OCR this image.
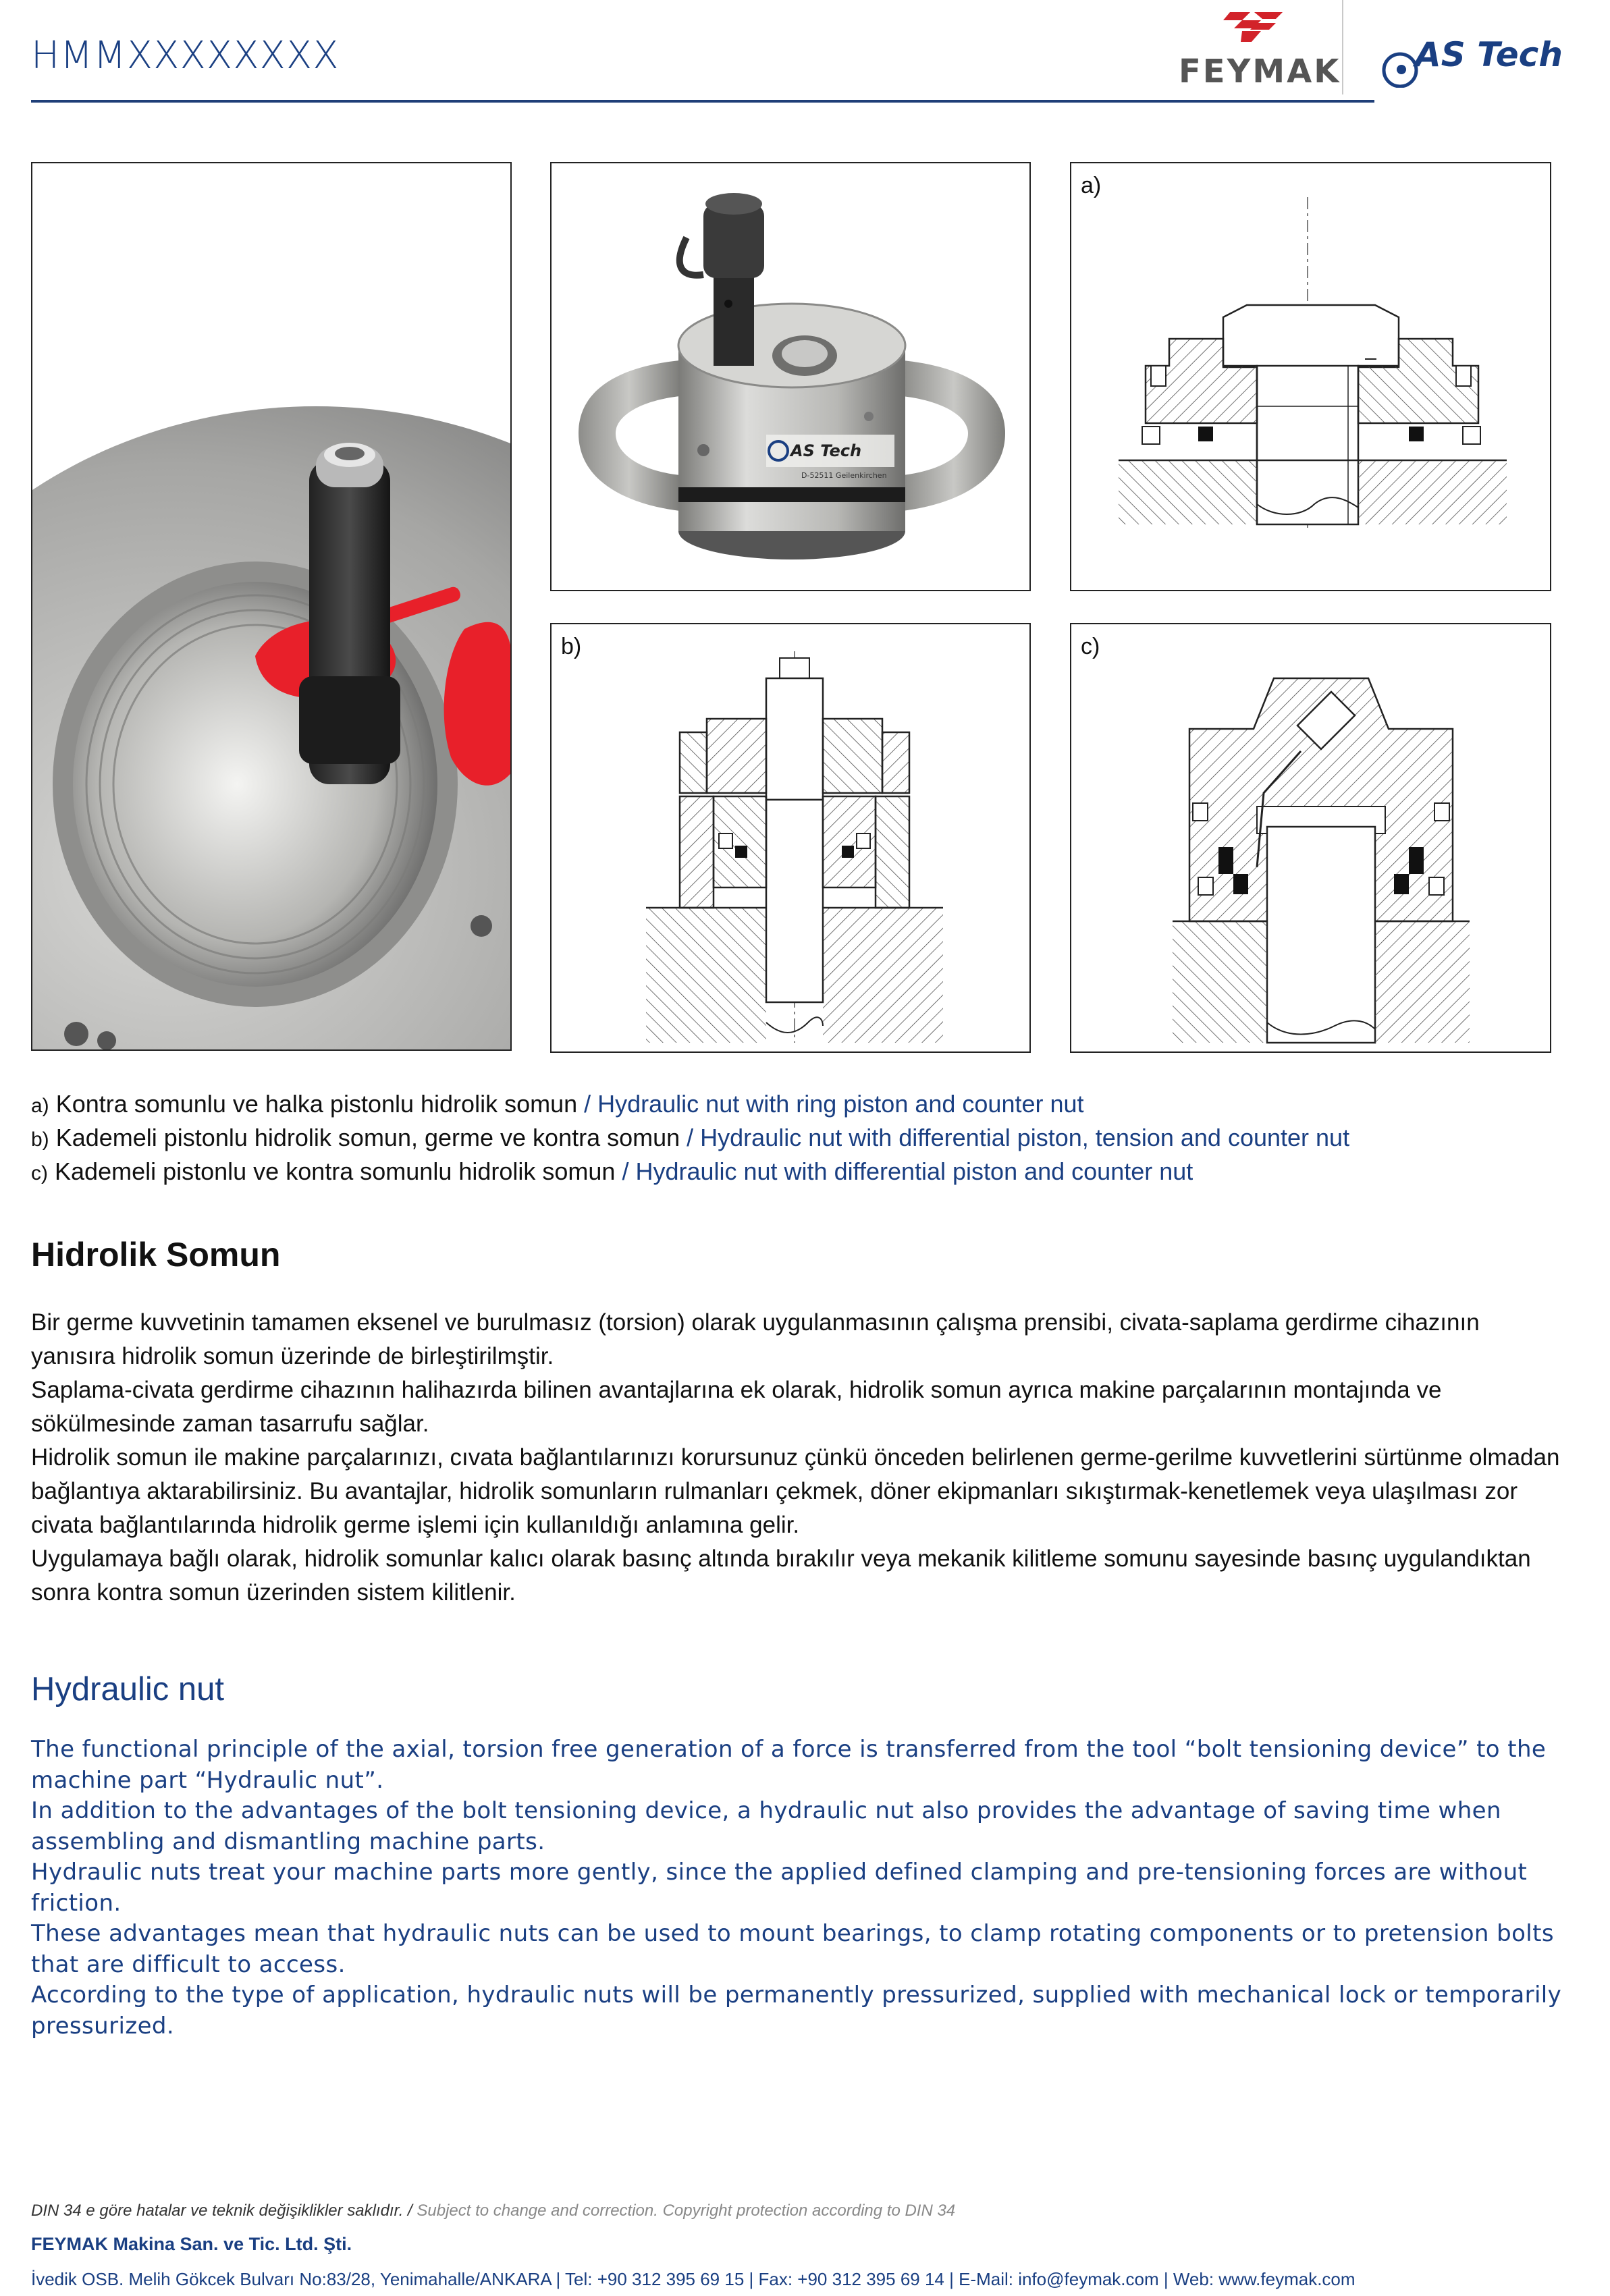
HMMXXXXXXXX	FEYMAK AS Tech
AS Tech
D-52511 Geilenkirchen
a)
b)	c)
a) Kontra somunlu ve halka pistonlu hidrolik somun / Hydraulic nut with ring piston and counter nut
b) Kademeli pistonlu hidrolik somun, germe ve kontra somun / Hydraulic nut with differential piston, tension and counter nut
c) Kademeli pistonlu ve kontra somunlu hidrolik somun / Hydraulic nut with differential piston and counter nut
Hidrolik Somun

Bir germe kuvvetinin tamamen eksenel ve burulmasız (torsion) olarak uygulanmasının çalışma prensibi, civata-saplama gerdirme cihazının yanısıra hidrolik somun üzerinde de birleştirilmştir.

Saplama-civata gerdirme cihazının halihazırda bilinen avantajlarına ek olarak, hidrolik somun ayrıca makine parçalarının montajında ve sökülmesinde zaman tasarrufu sağlar.

Hidrolik somun ile makine parçalarınızı, cıvata bağlantılarınızı korursunuz çünkü önceden belirlenen germe-gerilme kuvvetlerini sürtünme olmadan bağlantıya aktarabilirsiniz. Bu avantajlar, hidrolik somunların rulmanları çekmek, döner ekipmanları sıkıştırmak-kenetlemek veya ulaşılması zor civata bağlantılarında hidrolik germe işlemi için kullanıldığı anlamına gelir.

Uygulamaya bağlı olarak, hidrolik somunlar kalıcı olarak basınç altında bırakılır veya mekanik kilitleme somunu sayesinde basınç uygulandıktan sonra kontra somun üzerinden sistem kilitlenir.

Hydraulic nut

The functional principle of the axial, torsion free generation of a force is transferred from the tool “bolt tensioning device” to the machine part “Hydraulic nut”.

In addition to the advantages of the bolt tensioning device, a hydraulic nut also provides the advantage of saving time when assembling and dismantling machine parts.

Hydraulic nuts treat your machine parts more gently, since the applied defined clamping and pre-tensioning forces are without friction.

These advantages mean that hydraulic nuts can be used to mount bearings, to clamp rotating components or to pretension bolts that are difficult to access.

According to the type of application, hydraulic nuts will be permanently pressurized, supplied with mechanical lock or temporarily pressurized.

DIN 34 e göre hatalar ve teknik değişiklikler saklıdır. / Subject to change and correction. Copyright protection according to DIN 34
FEYMAK Makina San. ve Tic. Ltd. Şti.
İvedik OSB. Melih Gökcek Bulvarı No:83/28, Yenimahalle/ANKARA | Tel: +90 312 395 69 15 | Fax: +90 312 395 69 14 | E-Mail: info@feymak.com | Web: www.feymak.com
